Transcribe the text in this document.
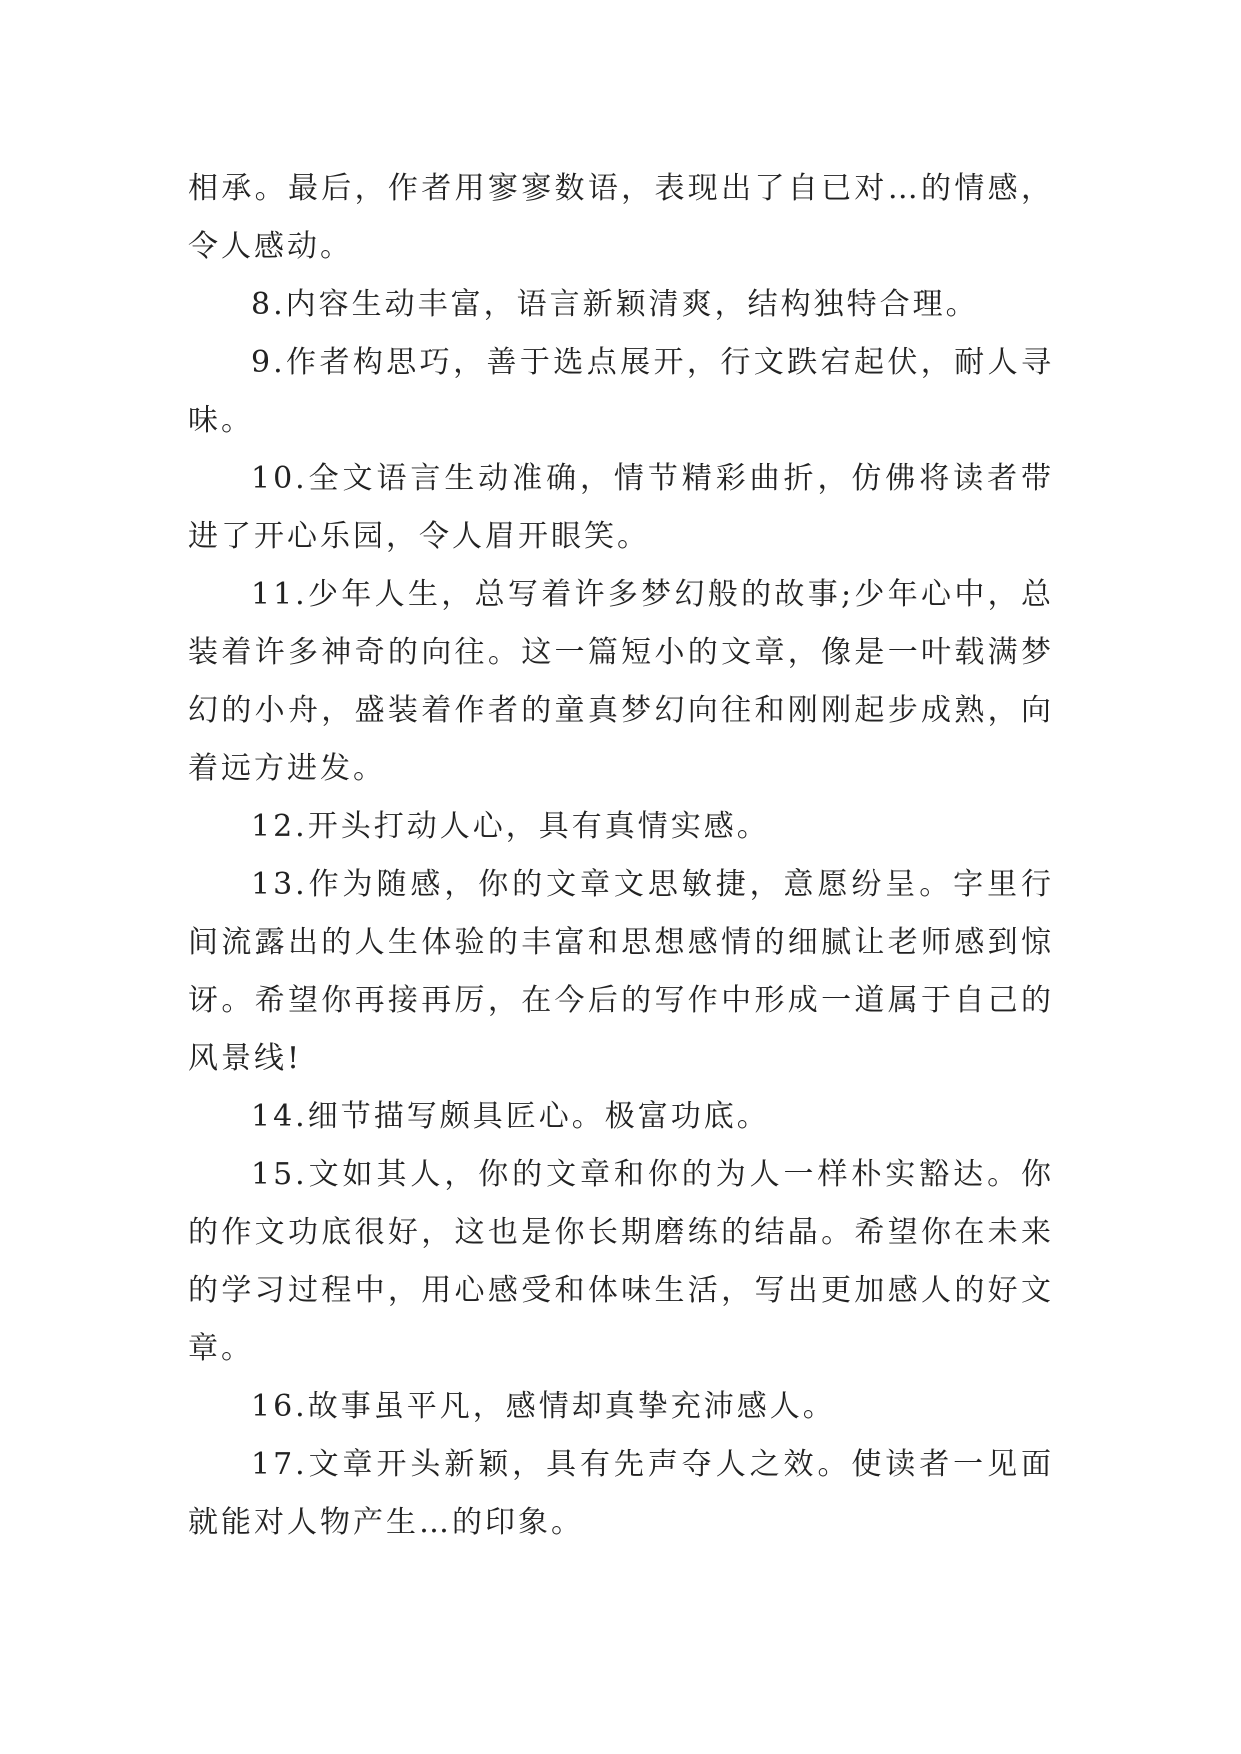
相承。最后，作者用寥寥数语，表现出了自已对…的情感，令人感动。

8.内容生动丰富，语言新颖清爽，结构独特合理。

9.作者构思巧，善于选点展开，行文跌宕起伏，耐人寻味。

10.全文语言生动准确，情节精彩曲折，仿佛将读者带进了开心乐园，令人眉开眼笑。

11.少年人生，总写着许多梦幻般的故事;少年心中，总装着许多神奇的向往。这一篇短小的文章，像是一叶载满梦幻的小舟，盛装着作者的童真梦幻向往和刚刚起步成熟，向着远方进发。

12.开头打动人心，具有真情实感。

13.作为随感，你的文章文思敏捷，意愿纷呈。字里行间流露出的人生体验的丰富和思想感情的细腻让老师感到惊讶。希望你再接再厉，在今后的写作中形成一道属于自己的风景线!

14.细节描写颇具匠心。极富功底。

15.文如其人，你的文章和你的为人一样朴实豁达。你的作文功底很好，这也是你长期磨练的结晶。希望你在未来的学习过程中，用心感受和体味生活，写出更加感人的好文章。

16.故事虽平凡，感情却真挚充沛感人。

17.文章开头新颖，具有先声夺人之效。使读者一见面就能对人物产生…的印象。
